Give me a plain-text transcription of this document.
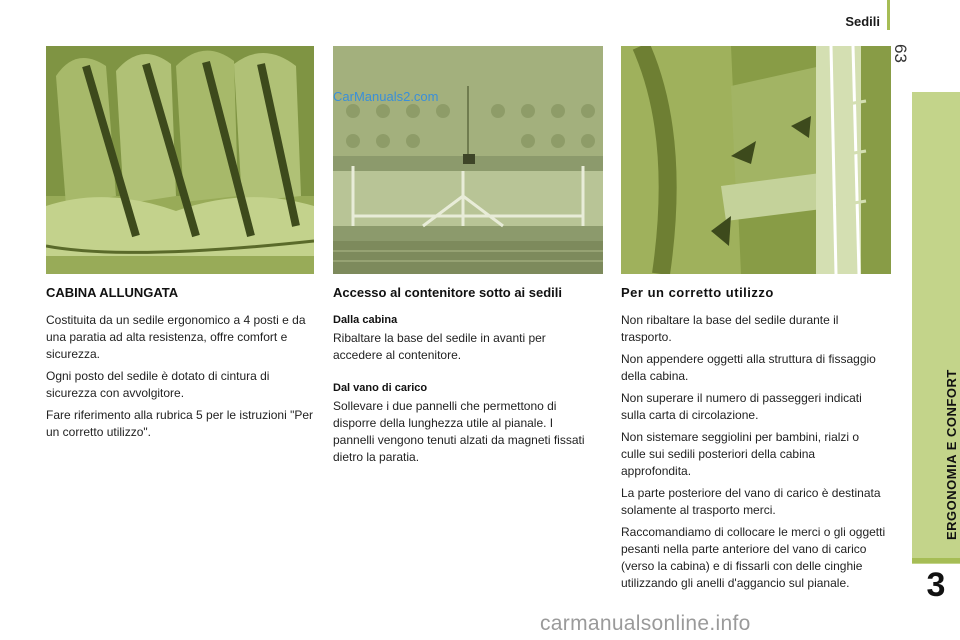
Sedili
63
ERGONOMIA E CONFORT
3
CarManuals2.com
CABINA ALLUNGATA

Costituita da un sedile ergonomico a 4 posti e da una paratia ad alta resistenza, offre comfort e sicurezza.

Ogni posto del sedile è dotato di cintura di sicurezza con avvolgitore.

Fare riferimento alla rubrica 5 per le istruzioni "Per un corretto utilizzo".

Accesso al contenitore sotto ai sedili
Dalla cabina

Ribaltare la base del sedile in avanti per accedere al contenitore.

Dal vano di carico

Sollevare i due pannelli che permettono di disporre della lunghezza utile al pianale. I pannelli vengono tenuti alzati da magneti fissati dietro la paratia.

Per un corretto utilizzo

Non ribaltare la base del sedile durante il trasporto.

Non appendere oggetti alla struttura di fissaggio della cabina.

Non superare il numero di passeggeri indicati sulla carta di circolazione.

Non sistemare seggiolini per bambini, rialzi o culle sui sedili posteriori della cabina approfondita.

La parte posteriore del vano di carico è destinata solamente al trasporto merci.

Raccomandiamo di collocare le merci o gli oggetti pesanti nella parte anteriore del vano di carico (verso la cabina) e di fissarli con delle cinghie utilizzando gli anelli d'aggancio sul pianale.

carmanualsonline.info
